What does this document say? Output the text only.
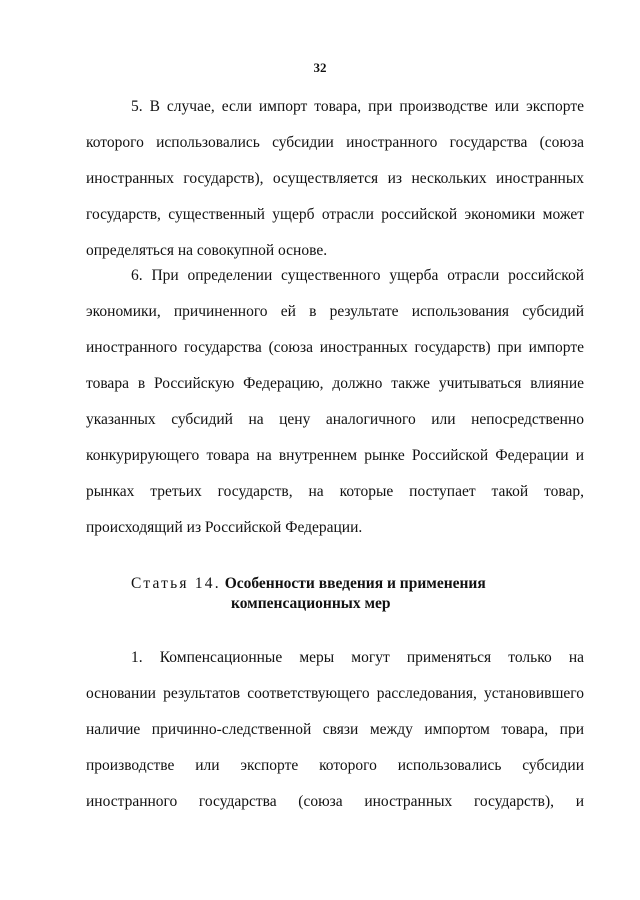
32
5. В случае, если импорт товара, при производстве или экспорте
которого использовались субсидии иностранного государства (союза
иностранных государств), осуществляется из нескольких иностранных
государств, существенный ущерб отрасли российской экономики может
определяться на совокупной основе.
6. При определении существенного ущерба отрасли российской
экономики, причиненного ей в результате использования субсидий
иностранного государства (союза иностранных государств) при импорте
товара в Российскую Федерацию, должно также учитываться влияние
указанных субсидий на цену аналогичного или непосредственно
конкурирующего товара на внутреннем рынке Российской Федерации и
рынках третьих государств, на которые поступает такой товар,
происходящий из Российской Федерации.
Статья 14. Особенности введения и применения
компенсационных мер
1. Компенсационные меры могут применяться только на
основании результатов соответствующего расследования, установившего
наличие причинно-следственной связи между импортом товара, при
производстве или экспорте которого использовались субсидии
иностранного государства (союза иностранных государств), и
